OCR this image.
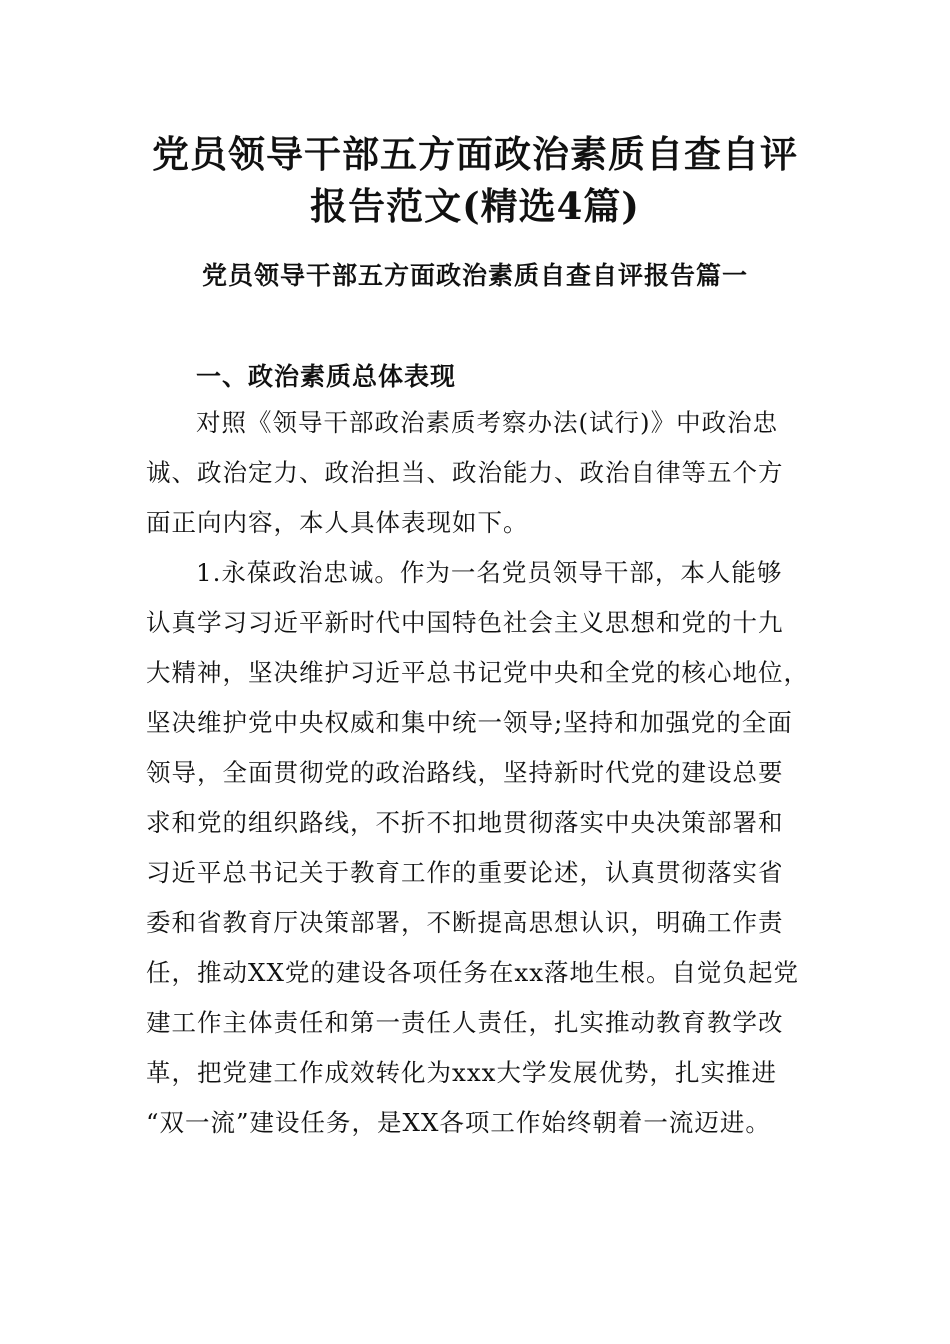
党员领导干部五方面政治素质自查自评
报告范文(精选4篇)
党员领导干部五方面政治素质自查自评报告篇一
一、政治素质总体表现

对照《领导干部政治素质考察办法(试行)》中政治忠
诚、政治定力、政治担当、政治能力、政治自律等五个方
面正向内容，本人具体表现如下。

1.永葆政治忠诚。作为一名党员领导干部，本人能够
认真学习习近平新时代中国特色社会主义思想和党的十九
大精神，坚决维护习近平总书记党中央和全党的核心地位，
坚决维护党中央权威和集中统一领导;坚持和加强党的全面
领导，全面贯彻党的政治路线，坚持新时代党的建设总要
求和党的组织路线，不折不扣地贯彻落实中央决策部署和
习近平总书记关于教育工作的重要论述，认真贯彻落实省
委和省教育厅决策部署，不断提高思想认识，明确工作责
任，推动XX党的建设各项任务在xx落地生根。自觉负起党
建工作主体责任和第一责任人责任，扎实推动教育教学改
革，把党建工作成效转化为xxx大学发展优势，扎实推进
“双一流”建设任务，是XX各项工作始终朝着一流迈进。
